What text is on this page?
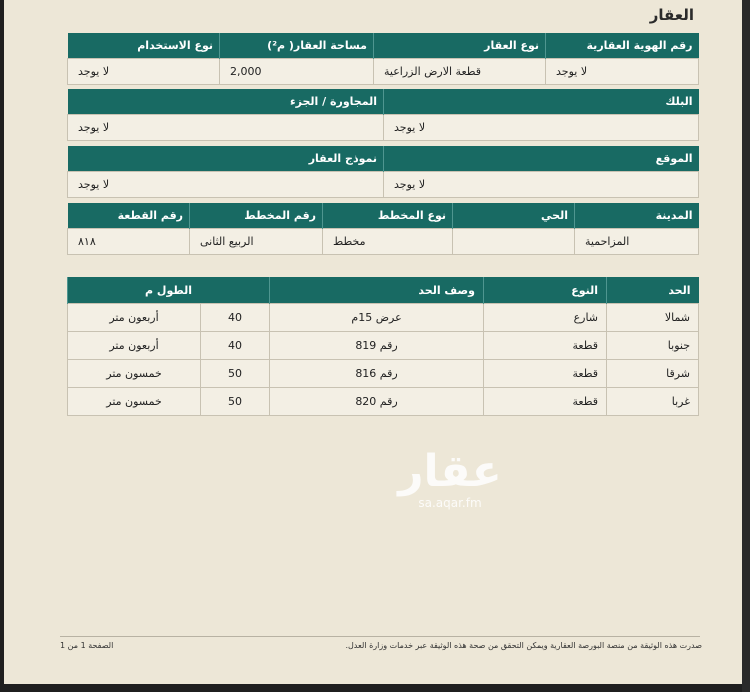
العقار
رقم الهوية العقارية	نوع العقار	مساحة العقار( م²)	نوع الاستخدام
لا يوجد	قطعة الارض الزراعية	2,000	لا يوجد
البلك	المجاورة / الجزء
لا يوجد	لا يوجد
الموقع	نموذج العقار
لا يوجد	لا يوجد
المدينة	الحي	نوع المخطط	رقم المخطط	رقم القطعة
المزاحمية		مخطط	الربيع الثانى	٨١٨
الحد	النوع	وصف الحد	الطول م	
شمالا	شارع	عرض 15م	40	أربعون متر
جنوبا	قطعة	رقم 819	40	أربعون متر
شرقا	قطعة	رقم 816	50	خمسون متر
غربا	قطعة	رقم 820	50	خمسون متر
عقار
sa.aqar.fm
صدرت هذه الوثيقة من منصة البورصة العقارية ويمكن التحقق من صحة هذه الوثيقة عبر خدمات وزارة العدل.
الصفحة 1 من 1
